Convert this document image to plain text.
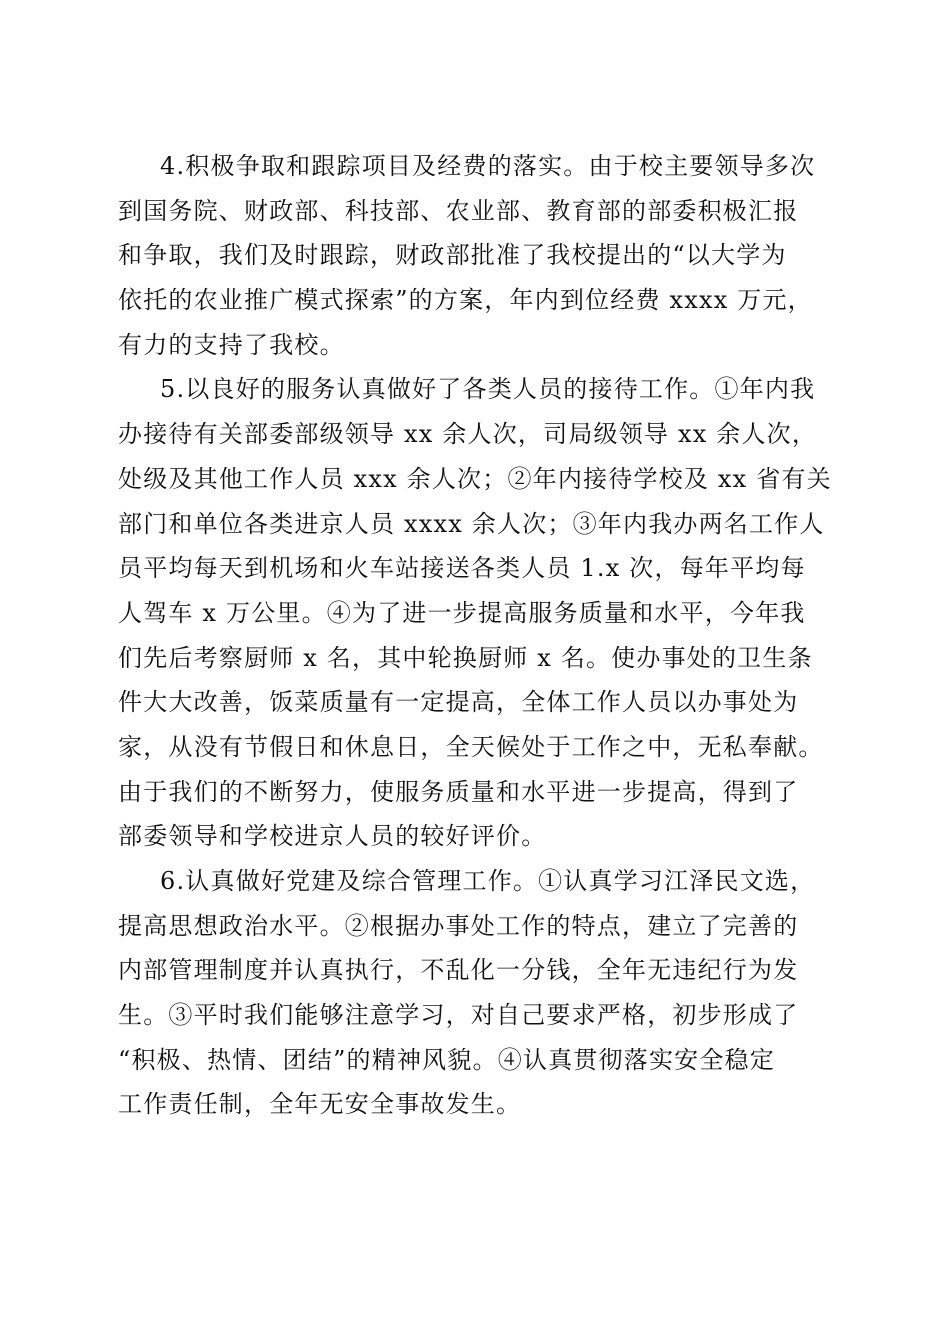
4.积极争取和跟踪项目及经费的落实。由于校主要领导多次
到国务院、财政部、科技部、农业部、教育部的部委积极汇报
和争取，我们及时跟踪，财政部批准了我校提出的“以大学为
依托的农业推广模式探索”的方案，年内到位经费 xxxx 万元，
有力的支持了我校。
5.以良好的服务认真做好了各类人员的接待工作。①年内我
办接待有关部委部级领导 xx 余人次，司局级领导 xx 余人次，
处级及其他工作人员 xxx 余人次；②年内接待学校及 xx 省有关
部门和单位各类进京人员 xxxx 余人次；③年内我办两名工作人
员平均每天到机场和火车站接送各类人员 1.x 次，每年平均每
人驾车 x 万公里。④为了进一步提高服务质量和水平，今年我
们先后考察厨师 x 名，其中轮换厨师 x 名。使办事处的卫生条
件大大改善，饭菜质量有一定提高，全体工作人员以办事处为
家，从没有节假日和休息日，全天候处于工作之中，无私奉献。
由于我们的不断努力，使服务质量和水平进一步提高，得到了
部委领导和学校进京人员的较好评价。
6.认真做好党建及综合管理工作。①认真学习江泽民文选，
提高思想政治水平。②根据办事处工作的特点，建立了完善的
内部管理制度并认真执行，不乱化一分钱，全年无违纪行为发
生。③平时我们能够注意学习，对自己要求严格，初步形成了
“积极、热情、团结”的精神风貌。④认真贯彻落实安全稳定
工作责任制，全年无安全事故发生。
